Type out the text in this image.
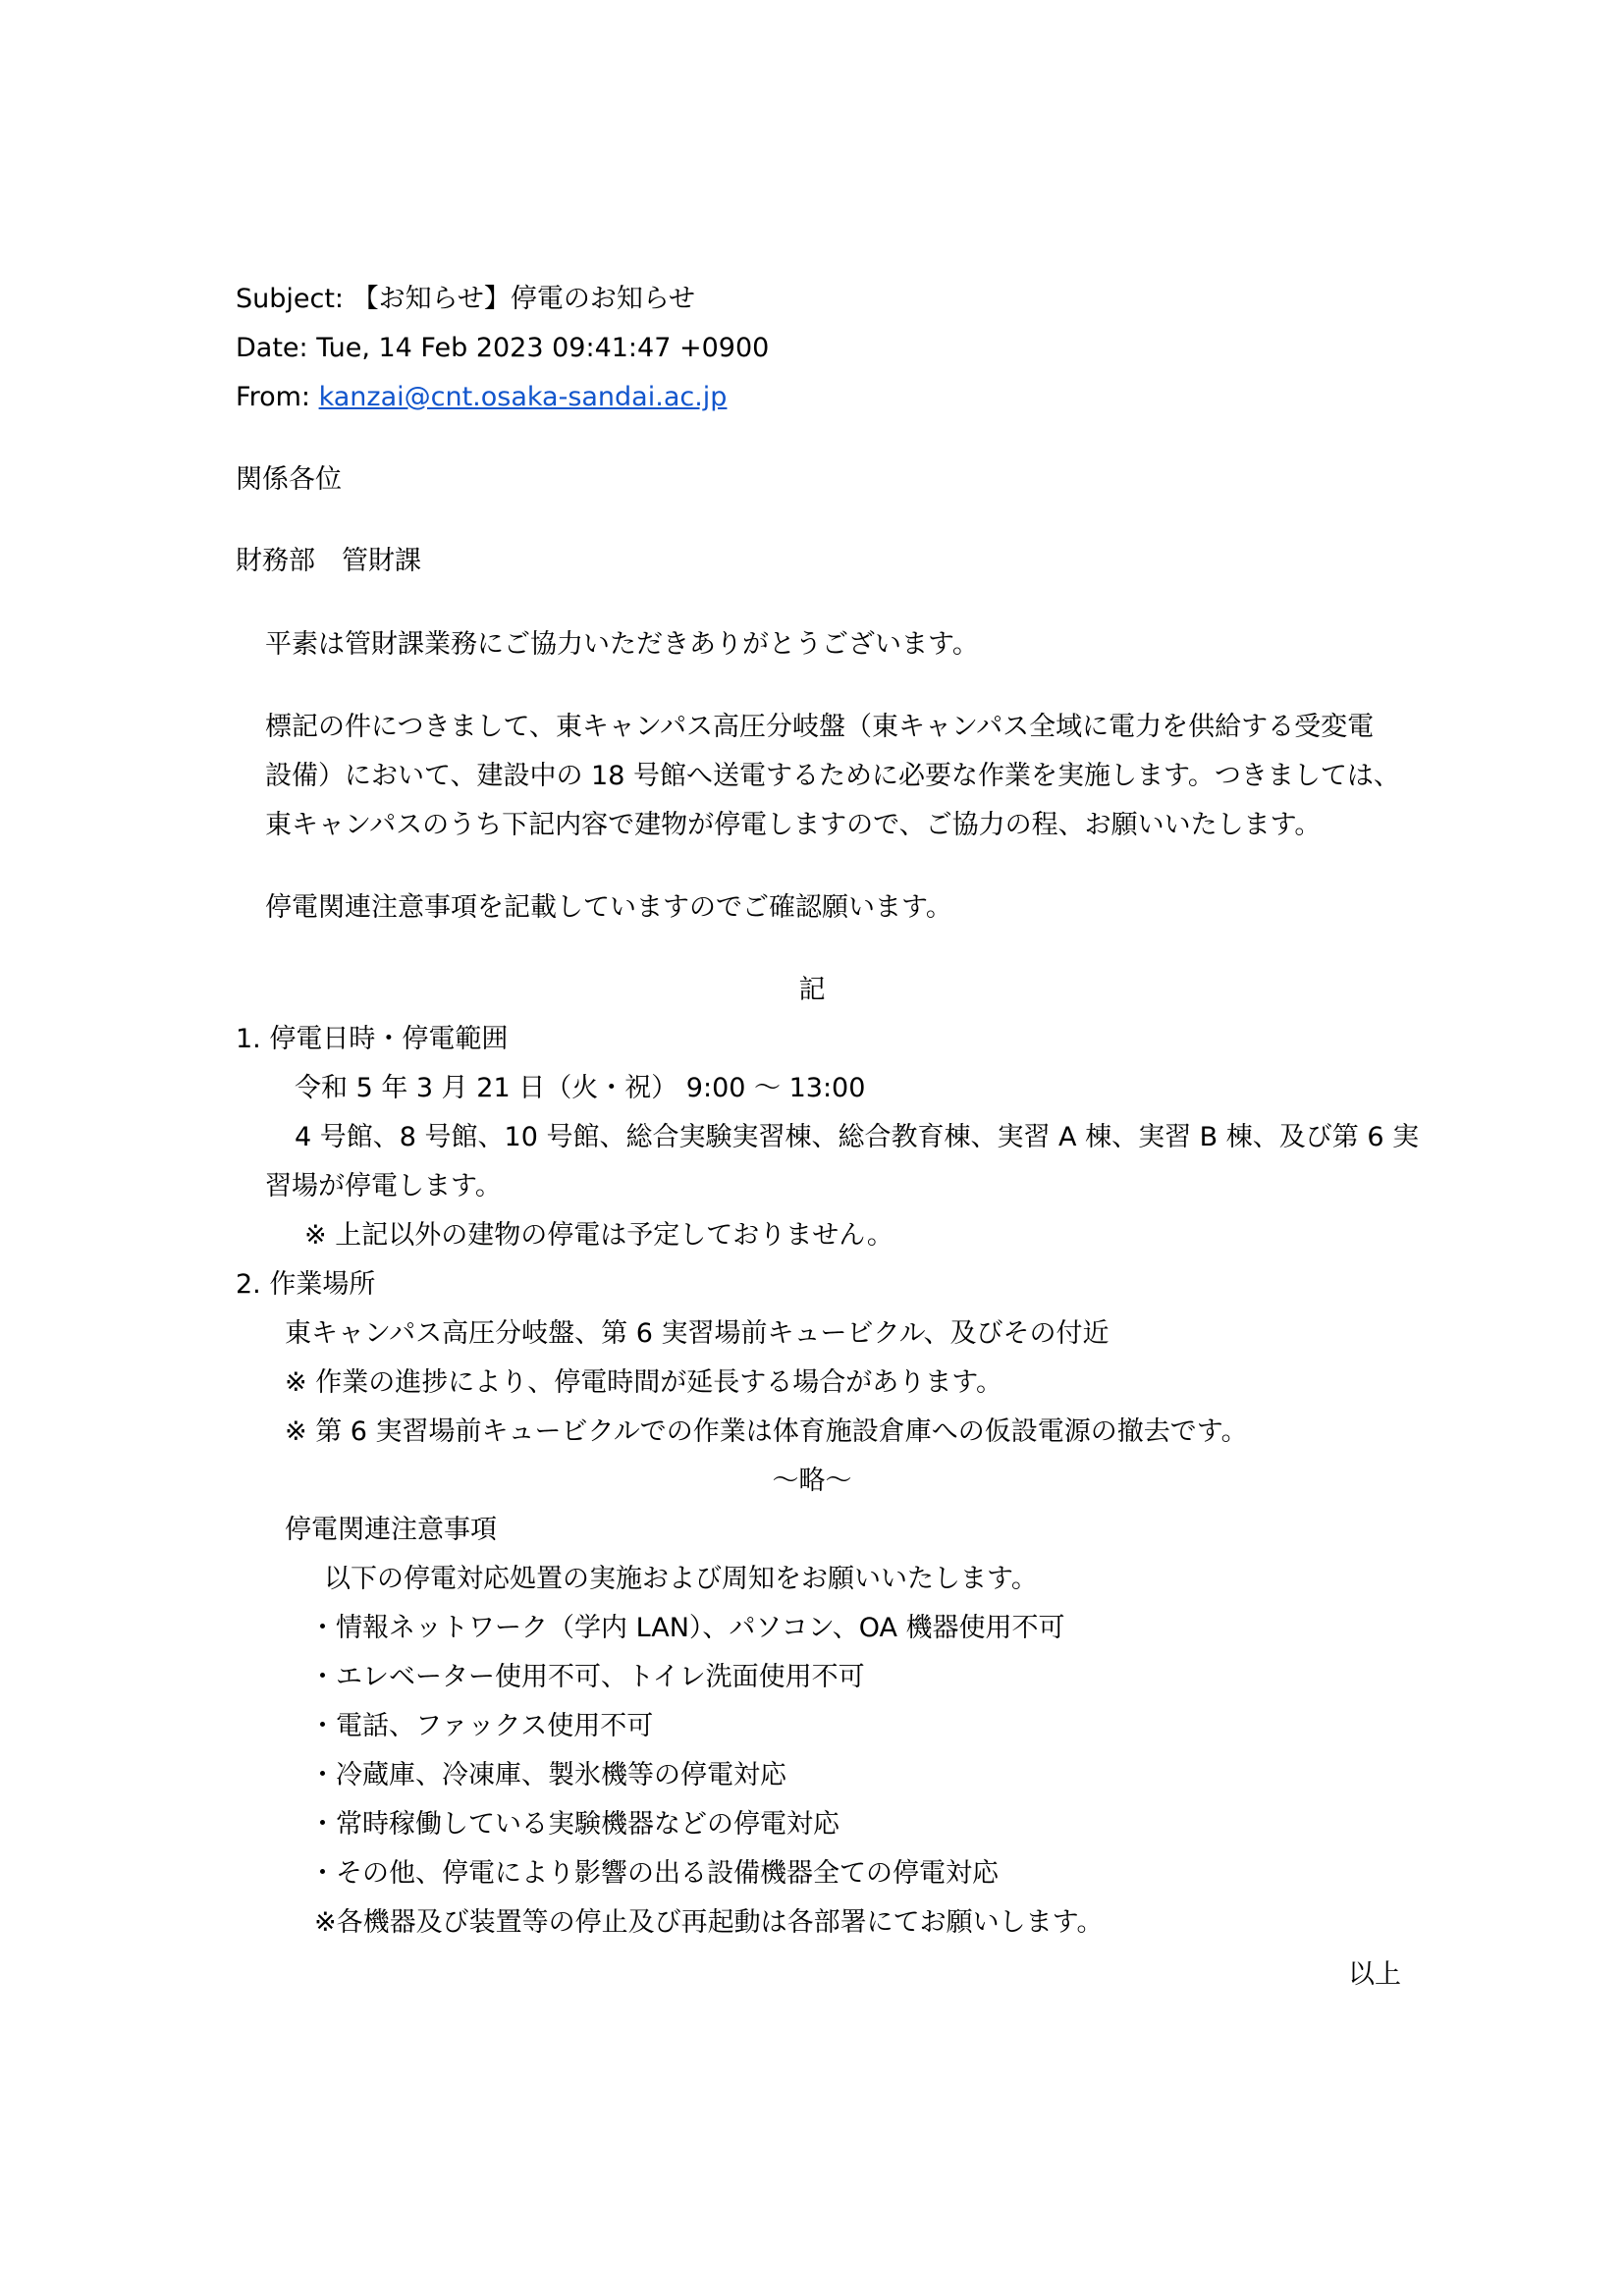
Subject: 【お知らせ】停電のお知らせ

Date: Tue, 14 Feb 2023 09:41:47 +0900

From: kanzai@cnt.osaka-sandai.ac.jp

関係各位

財務部　管財課

平素は管財課業務にご協力いただきありがとうございます。

標記の件につきまして、東キャンパス高圧分岐盤（東キャンパス全域に電力を供給する受変電

設備）において、建設中の 18 号館へ送電するために必要な作業を実施します。つきましては、

東キャンパスのうち下記内容で建物が停電しますので、ご協力の程、お願いいたします。

停電関連注意事項を記載していますのでご確認願います。

記

1. 停電日時・停電範囲

令和 5 年 3 月 21 日（火・祝） 9:00 ～ 13:00

4 号館、8 号館、10 号館、総合実験実習棟、総合教育棟、実習 A 棟、実習 B 棟、及び第 6 実

習場が停電します。

※ 上記以外の建物の停電は予定しておりません。

2. 作業場所

東キャンパス高圧分岐盤、第 6 実習場前キュービクル、及びその付近

※ 作業の進捗により、停電時間が延長する場合があります。

※ 第 6 実習場前キュービクルでの作業は体育施設倉庫への仮設電源の撤去です。

～略～

停電関連注意事項

以下の停電対応処置の実施および周知をお願いいたします。

・情報ネットワーク（学内 LAN）、パソコン、OA 機器使用不可

・エレベーター使用不可、トイレ洗面使用不可

・電話、ファックス使用不可

・冷蔵庫、冷凍庫、製氷機等の停電対応

・常時稼働している実験機器などの停電対応

・その他、停電により影響の出る設備機器全ての停電対応

※各機器及び装置等の停止及び再起動は各部署にてお願いします。

以上
